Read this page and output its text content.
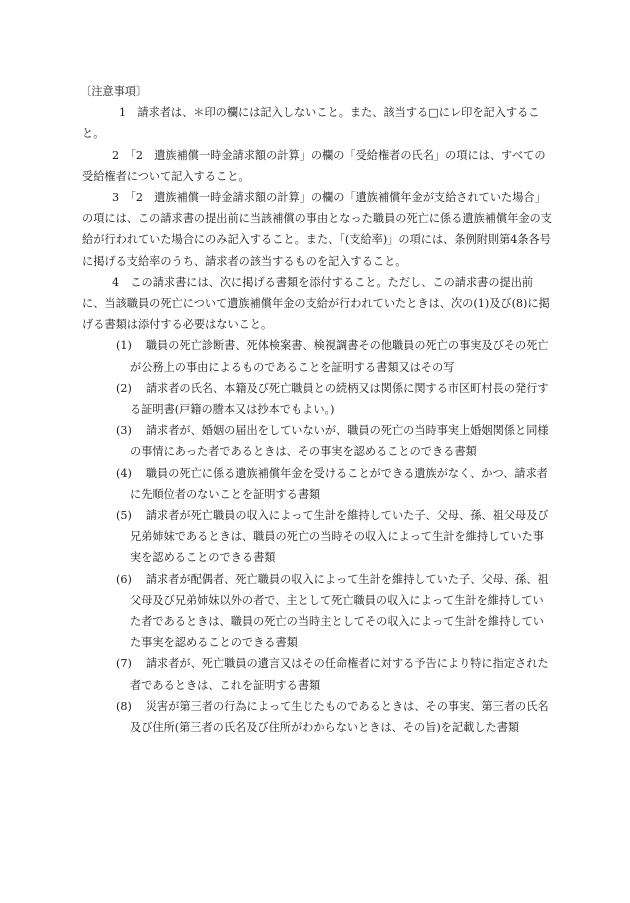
〔注意事項〕

1　 請求者は、＊印の欄には記入しないこと。また、該当する□にレ印を記入すること。

2　 「2　遺族補償一時金請求額の計算」の欄の「受給権者の氏名」の項には、すべての受給権者について記入すること。

3　 「2　遺族補償一時金請求額の計算」の欄の「遺族補償年金が支給されていた場合」の項には、この請求書の提出前に当該補償の事由となった職員の死亡に係る遺族補償年金の支給が行われていた場合にのみ記入すること。また、「(支給率)」の項には、条例附則第4条各号に掲げる支給率のうち、請求者の該当するものを記入すること。

4　 この請求書には、次に掲げる書類を添付すること。ただし、この請求書の提出前に、当該職員の死亡について遺族補償年金の支給が行われていたときは、次の(1)及び(8)に掲げる書類は添付する必要はないこと。

(1) 職員の死亡診断書、死体検案書、検視調書その他職員の死亡の事実及びその死亡が公務上の事由によるものであることを証明する書類又はその写

(2) 請求者の氏名、本籍及び死亡職員との続柄又は関係に関する市区町村長の発行する証明書(戸籍の謄本又は抄本でもよい。)

(3) 請求者が、婚姻の届出をしていないが、職員の死亡の当時事実上婚姻関係と同様の事情にあった者であるときは、その事実を認めることのできる書類

(4) 職員の死亡に係る遺族補償年金を受けることができる遺族がなく、かつ、請求者に先順位者のないことを証明する書類

(5) 請求者が死亡職員の収入によって生計を維持していた子、父母、孫、祖父母及び兄弟姉妹であるときは、職員の死亡の当時その収入によって生計を維持していた事実を認めることのできる書類

(6) 請求者が配偶者、死亡職員の収入によって生計を維持していた子、父母、孫、祖父母及び兄弟姉妹以外の者で、主として死亡職員の収入によって生計を維持していた者であるときは、職員の死亡の当時主としてその収入によって生計を維持していた事実を認めることのできる書類

(7) 請求者が、死亡職員の遺言又はその任命権者に対する予告により特に指定された者であるときは、これを証明する書類

(8) 災害が第三者の行為によって生じたものであるときは、その事実、第三者の氏名及び住所(第三者の氏名及び住所がわからないときは、その旨)を記載した書類
